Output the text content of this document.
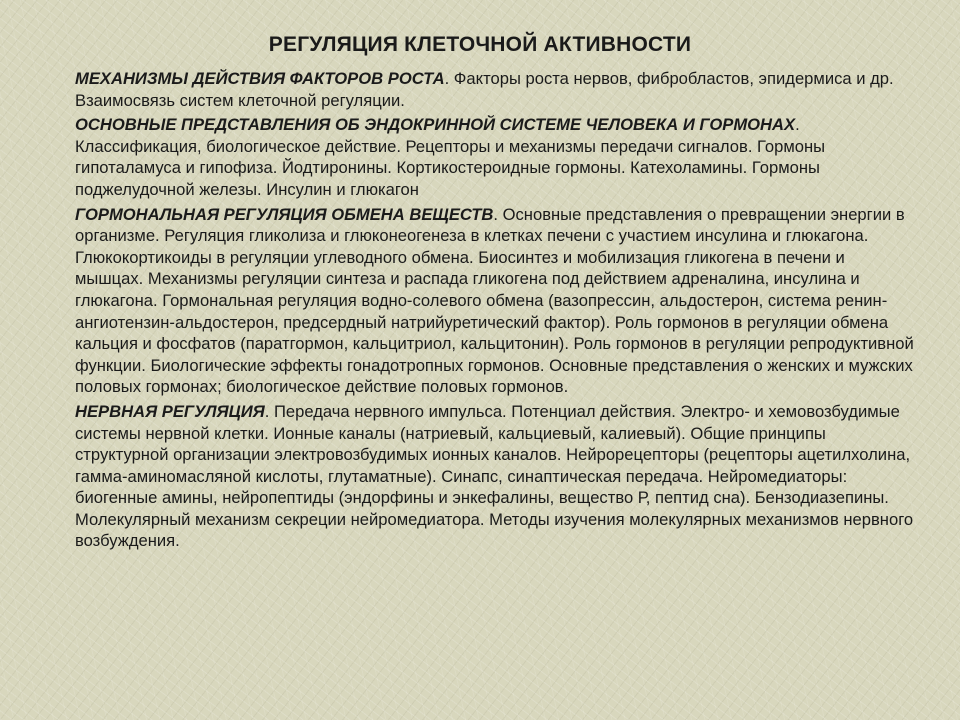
РЕГУЛЯЦИЯ КЛЕТОЧНОЙ АКТИВНОСТИ

МЕХАНИЗМЫ ДЕЙСТВИЯ ФАКТОРОВ РОСТА. Факторы роста нервов, фибробластов, эпидермиса и др. Взаимосвязь систем клеточной регуляции.

ОСНОВНЫЕ ПРЕДСТАВЛЕНИЯ ОБ ЭНДОКРИННОЙ СИСТЕМЕ ЧЕЛОВЕКА И ГОРМОНАХ. Классификация, биологическое действие. Рецепторы и механизмы передачи сигналов. Гормоны гипоталамуса и гипофиза. Йодтиронины. Кортикостероидные гормоны. Катехоламины. Гормоны поджелудочной железы. Инсулин и глюкагон

ГОРМОНАЛЬНАЯ РЕГУЛЯЦИЯ ОБМЕНА ВЕЩЕСТВ. Основные представления о превращении энергии в организме. Регуляция гликолиза и глюконеогенеза в клетках печени с участием инсулина и глюкагона. Глюкокортикоиды в регуляции углеводного обмена. Биосинтез и мобилизация гликогена в печени и мышцах. Механизмы регуляции синтеза и распада гликогена под действием адреналина, инсулина и глюкагона. Гормональная регуляция водно-солевого обмена (вазопрессин, альдостерон, система ренин-ангиотензин-альдостерон, предсердный натрийуретический фактор). Роль гормонов в регуляции обмена кальция и фосфатов (паратгормон, кальцитриол, кальцитонин). Роль гормонов в регуляции репродуктивной функции. Биологические эффекты гонадотропных гормонов. Основные представления о женских и мужских половых гормонах; биологическое действие половых гормонов.

НЕРВНАЯ РЕГУЛЯЦИЯ. Передача нервного импульса. Потенциал действия. Электро- и хемовозбудимые системы нервной клетки. Ионные каналы (натриевый, кальциевый, калиевый). Общие принципы структурной организации электровозбудимых ионных каналов. Нейрорецепторы (рецепторы ацетилхолина, гамма-аминомасляной кислоты, глутаматные). Синапс, синаптическая передача. Нейромедиаторы: биогенные амины, нейропептиды (эндорфины и энкефалины, вещество Р, пептид сна). Бензодиазепины. Молекулярный механизм секреции нейромедиатора. Методы изучения молекулярных механизмов нервного возбуждения.
